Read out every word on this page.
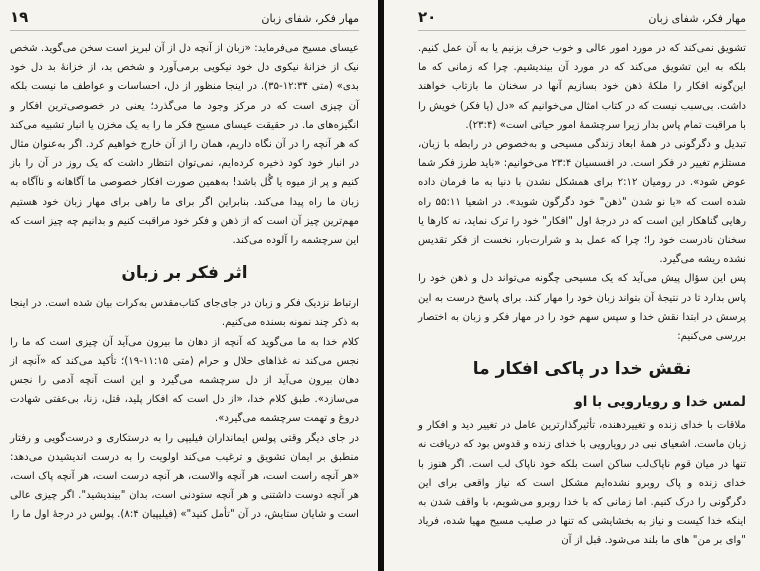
مهار فکر، شفای زبان
۱۹

عیسای مسیح می‌فرماید: «زبان از آنچه دل از آن لبریز است سخن می‌گوید. شخص نیک از خزانهٔ نیکوی دل خود نیکویی برمی‌آورد و شخص بد، از خزانهٔ بد دل خود بدی» (متی ۱۲:۳۴-۳۵). در اینجا منظور از دل، احساسات و عواطف ما نیست بلکه آن چیزی است که در مرکز وجود ما می‌گذرد؛ یعنی در خصوصی‌ترین افکار و انگیزه‌های ما. در حقیقت عیسای مسیح فکر ما را به یک مخزن یا انبار تشبیه می‌کند که هر آنچه را در آن نگاه داریم، همان را از آن خارج خواهیم کرد. اگر به‌عنوان مثال در انبار خود کود ذخیره کرده‌ایم، نمی‌توان انتظار داشت که یک روز در آن را باز کنیم و پر از میوه یا گُل باشد! به‌همین صورت افکار خصوصی ما آگاهانه و ناآگاه به زبان ما راه پیدا می‌کند. بنابراین اگر برای ما راهی برای مهار زبان خود هستیم مهم‌ترین چیز آن است که از ذهن و فکر خود مراقبت کنیم و بدانیم چه چیز است که این سرچشمه را آلوده می‌کند.

اثر فکر بر زبان

ارتباط نزدیک فکر و زبان در جای‌جای کتاب‌مقدس به‌کرات بیان شده است. در اینجا به ذکر چند نمونه بسنده می‌کنیم.

کلام خدا به ما می‌گوید که آنچه از دهان ما بیرون می‌آید آن چیزی است که ما را نجس می‌کند نه غذاهای حلال و حرام (متی ۱۱:۱۵-۱۹)؛ تأکید می‌کند که «آنچه از دهان بیرون می‌آید از دل سرچشمه می‌گیرد و این است آنچه آدمی را نجس می‌سازد». طبق کلام خدا، «از دل است که افکار پلید، قتل، زنا، بی‌عفتی شهادت دروغ و تهمت سرچشمه می‌گیرد».

در جای دیگر وقتی پولس ایمانداران فیلیپی را به درستکاری و درست‌گویی و رفتار منطبق بر ایمان تشویق و ترغیب می‌کند اولویت را به درست اندیشیدن می‌دهد: «هر آنچه راست است، هر آنچه والاست، هر آنچه درست است، هر آنچه پاک است، هر آنچه دوست داشتنی و هر آنچه ستودنی است، بدان "بیندیشید". اگر چیزی عالی است و شایان ستایش، در آن "تأمل کنید"» (فیلیپیان ۸:۴). پولس در درجهٔ اول ما را

مهار فکر، شفای زبان
۲۰

تشویق نمی‌کند که در مورد امور عالی و خوب حرف بزنیم یا به آن عمل کنیم. بلکه به این تشویق می‌کند که در مورد آن بیندیشیم. چرا که زمانی که ما این‌گونه افکار را ملکهٔ ذهن خود بسازیم آنها در سخنان ما بازتاب خواهند داشت. بی‌سبب نیست که در کتاب امثال می‌خوانیم که «دل (یا فکر) خویش را با مراقبت تمام پاس بدار زیرا سرچشمهٔ امور حیاتی است» (۲۳:۴).

تبدیل و دگرگونی در همهٔ ابعاد زندگی مسیحی و به‌خصوص در رابطه با زبان، مستلزم تغییر در فکر است. در افسسیان ۲۳:۴ می‌خوانیم: «باید طرز فکر شما عوض شود». در رومیان ۲:۱۲ برای همشکل نشدن با دنیا به ما فرمان داده شده است که «با نو شدن "ذهن" خود دگرگون شوید». در اشعیا ۵۵:۱۱ راه رهایی گناهکار این است که در درجهٔ اول "افکار" خود را ترک نماید، نه کارها یا سخنان نادرست خود را؛ چرا که عمل بد و شرارت‌بار، نخست از فکر تقدیس نشده ریشه می‌گیرد.

پس این سؤال پیش می‌آید که یک مسیحی چگونه می‌تواند دل و ذهن خود را پاس بدارد تا در نتیجهٔ آن بتواند زبان خود را مهار کند. برای پاسخ درست به این پرسش در ابتدا نقش خدا و سپس سهم خود را در مهار فکر و زبان به اختصار بررسی می‌کنیم:

نقش خدا در پاکی افکار ما
لمس خدا و رویارویی با او

ملاقات با خدای زنده و تغییردهنده، تأثیرگذارترین عامل در تغییر دید و افکار و زبان ماست. اشعیای نبی در رویارویی با خدای زنده و قدوس بود که دریافت نه تنها در میان قوم ناپاک‌لب ساکن است بلکه خود ناپاک لب است. اگر هنوز با خدای زنده و پاک روبرو نشده‌ایم مشکل است که نیاز واقعی برای این دگرگونی را درک کنیم. اما زمانی که با خدا روبرو می‌شویم، با واقف شدن به اینکه خدا کیست و نیاز به بخشایشی که تنها در صلیب مسیح مهیا شده، فریاد "وای بر من" های ما بلند می‌شود. قبل از آن
